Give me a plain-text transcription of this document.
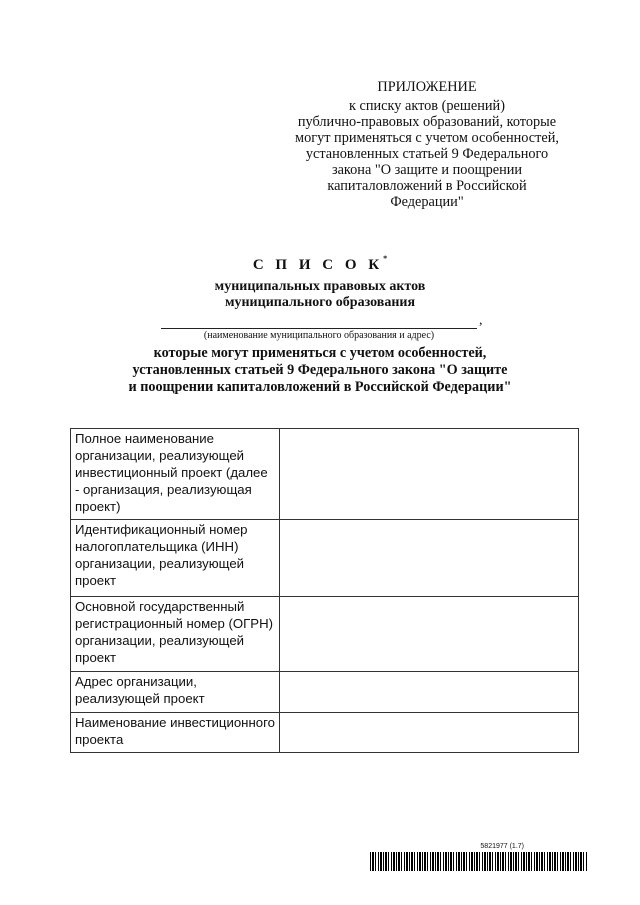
ПРИЛОЖЕНИЕ
к списку актов (решений)
публично-правовых образований, которые
могут применяться с учетом особенностей,
установленных статьей 9 Федерального
закона "О защите и поощрении
капиталовложений в Российской
Федерации"
С П И С О К*
муниципальных правовых актов
муниципального образования
,
(наименование муниципального образования и адрес)
которые могут применяться с учетом особенностей,
установленных статьей 9 Федерального закона "О защите
и поощрении капиталовложений в Российской Федерации"
Полное наименование организации, реализующей инвестиционный проект (далее - организация, реализующая проект)	
Идентификационный номер налогоплательщика (ИНН) организации, реализующей проект	
Основной государственный регистрационный номер (ОГРН) организации, реализующей проект	
Адрес организации, реализующей проект	
Наименование инвестиционного проекта	
5821977 (1.7)
